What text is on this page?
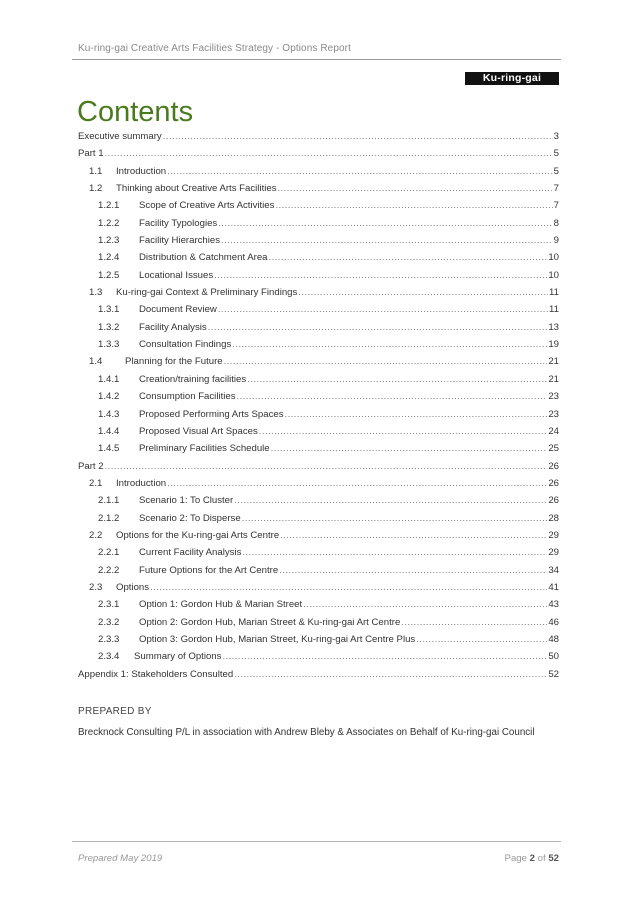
Ku-ring-gai Creative Arts Facilities Strategy - Options Report
Ku-ring-gai Council
Contents
Executive summary .....	3
Part 1 .....	5
1.1	Introduction .....	5
1.2	Thinking about Creative Arts Facilities .....	7
1.2.1	Scope of Creative Arts Activities .....	7
1.2.2	Facility Typologies .....	8
1.2.3	Facility Hierarchies .....	9
1.2.4	Distribution & Catchment Area .....	10
1.2.5	Locational Issues .....	10
1.3	Ku-ring-gai Context & Preliminary Findings .....	11
1.3.1	Document Review .....	11
1.3.2	Facility Analysis .....	13
1.3.3	Consultation Findings .....	19
1.4	Planning for the Future .....	21
1.4.1	Creation/training facilities .....	21
1.4.2	Consumption Facilities .....	23
1.4.3	Proposed Performing Arts Spaces .....	23
1.4.4	Proposed Visual Art Spaces .....	24
1.4.5	Preliminary Facilities Schedule .....	25
Part 2 .....	26
2.1	Introduction .....	26
2.1.1	Scenario 1: To Cluster .....	26
2.1.2	Scenario 2: To Disperse .....	28
2.2	Options for the Ku-ring-gai Arts Centre .....	29
2.2.1	Current Facility Analysis .....	29
2.2.2	Future Options for the Art Centre .....	34
2.3	Options .....	41
2.3.1	Option 1: Gordon Hub & Marian Street .....	43
2.3.2	Option 2: Gordon Hub, Marian Street & Ku-ring-gai Art Centre .....	46
2.3.3	Option 3: Gordon Hub, Marian Street, Ku-ring-gai Art Centre Plus .....	48
2.3.4	Summary of Options .....	50
Appendix 1: Stakeholders Consulted .....	52
PREPARED BY
Brecknock Consulting P/L in association with Andrew Bleby & Associates on Behalf of Ku-ring-gai Council
Prepared May 2019	Page 2 of 52
